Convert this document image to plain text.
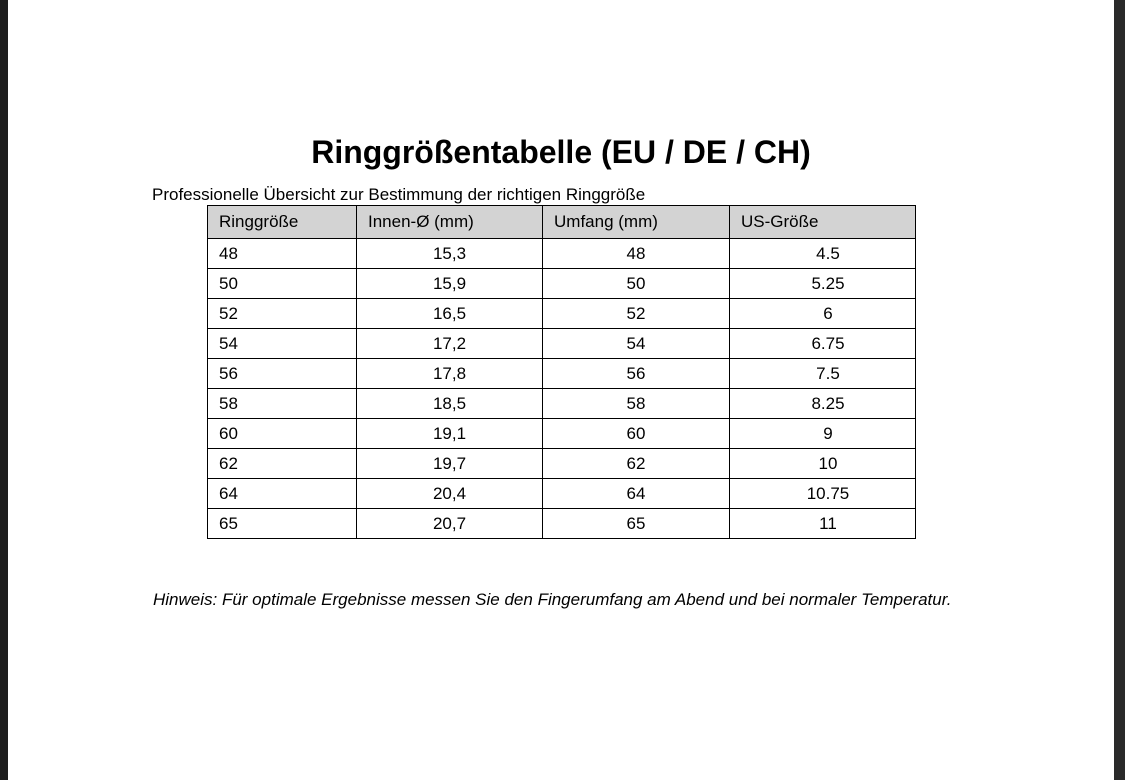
Ringgrößentabelle (EU / DE / CH)
Professionelle Übersicht zur Bestimmung der richtigen Ringgröße
Ringgröße	Innen-Ø (mm)	Umfang (mm)	US-Größe
48	15,3	48	4.5
50	15,9	50	5.25
52	16,5	52	6
54	17,2	54	6.75
56	17,8	56	7.5
58	18,5	58	8.25
60	19,1	60	9
62	19,7	62	10
64	20,4	64	10.75
65	20,7	65	11
Hinweis: Für optimale Ergebnisse messen Sie den Fingerumfang am Abend und bei normaler Temperatur.
